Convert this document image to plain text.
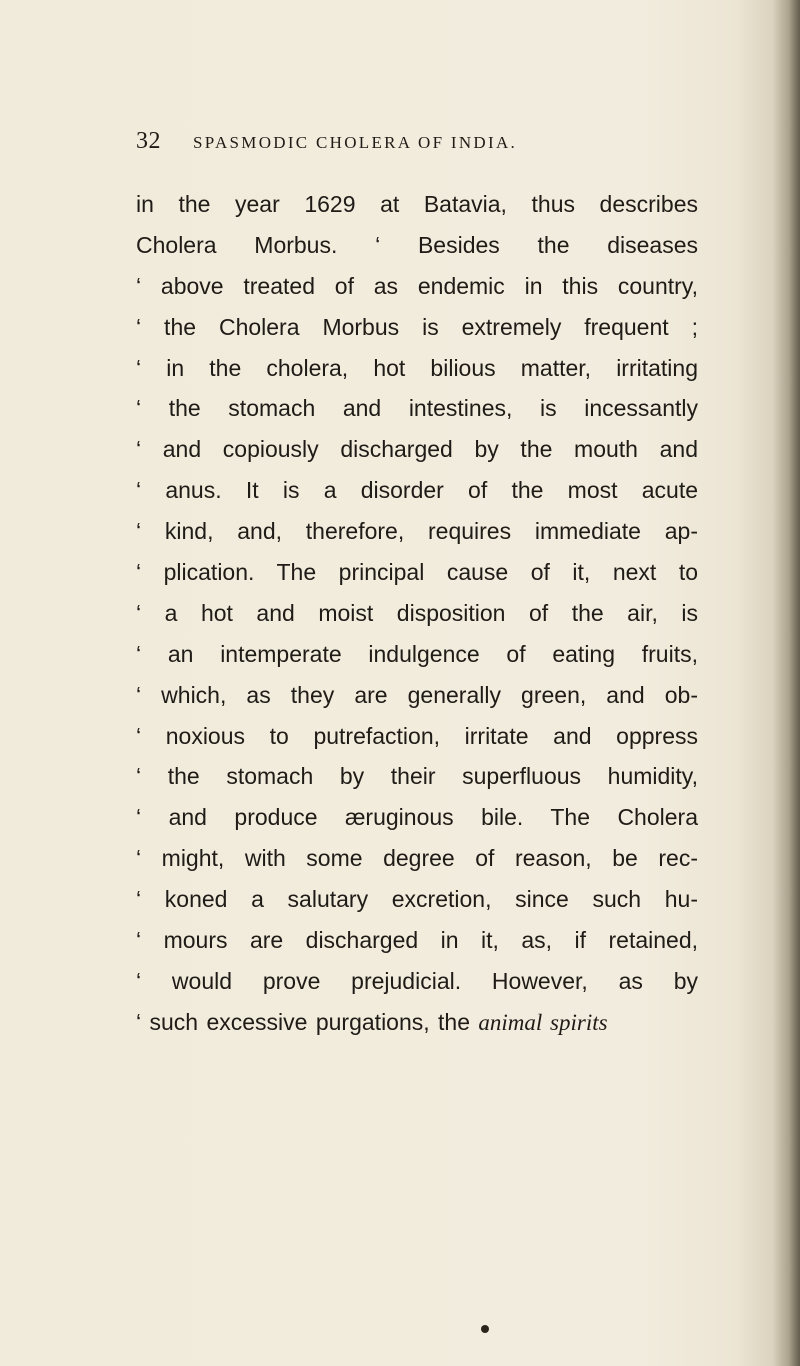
32 SPASMODIC CHOLERA OF INDIA.
in the year 1629 at Batavia, thus describes
Cholera Morbus. ‘ Besides the diseases
‘ above treated of as endemic in this country,
‘ the Cholera Morbus is extremely frequent ;
‘ in the cholera, hot bilious matter, irritating
‘ the stomach and intestines, is incessantly
‘ and copiously discharged by the mouth and
‘ anus. It is a disorder of the most acute
‘ kind, and, therefore, requires immediate ap-
‘ plication. The principal cause of it, next to
‘ a hot and moist disposition of the air, is
‘ an intemperate indulgence of eating fruits,
‘ which, as they are generally green, and ob-
‘ noxious to putrefaction, irritate and oppress
‘ the stomach by their superfluous humidity,
‘ and produce æruginous bile. The Cholera
‘ might, with some degree of reason, be rec-
‘ koned a salutary excretion, since such hu-
‘ mours are discharged in it, as, if retained,
‘ would prove prejudicial. However, as by
‘ such excessive purgations, the animal spirits
